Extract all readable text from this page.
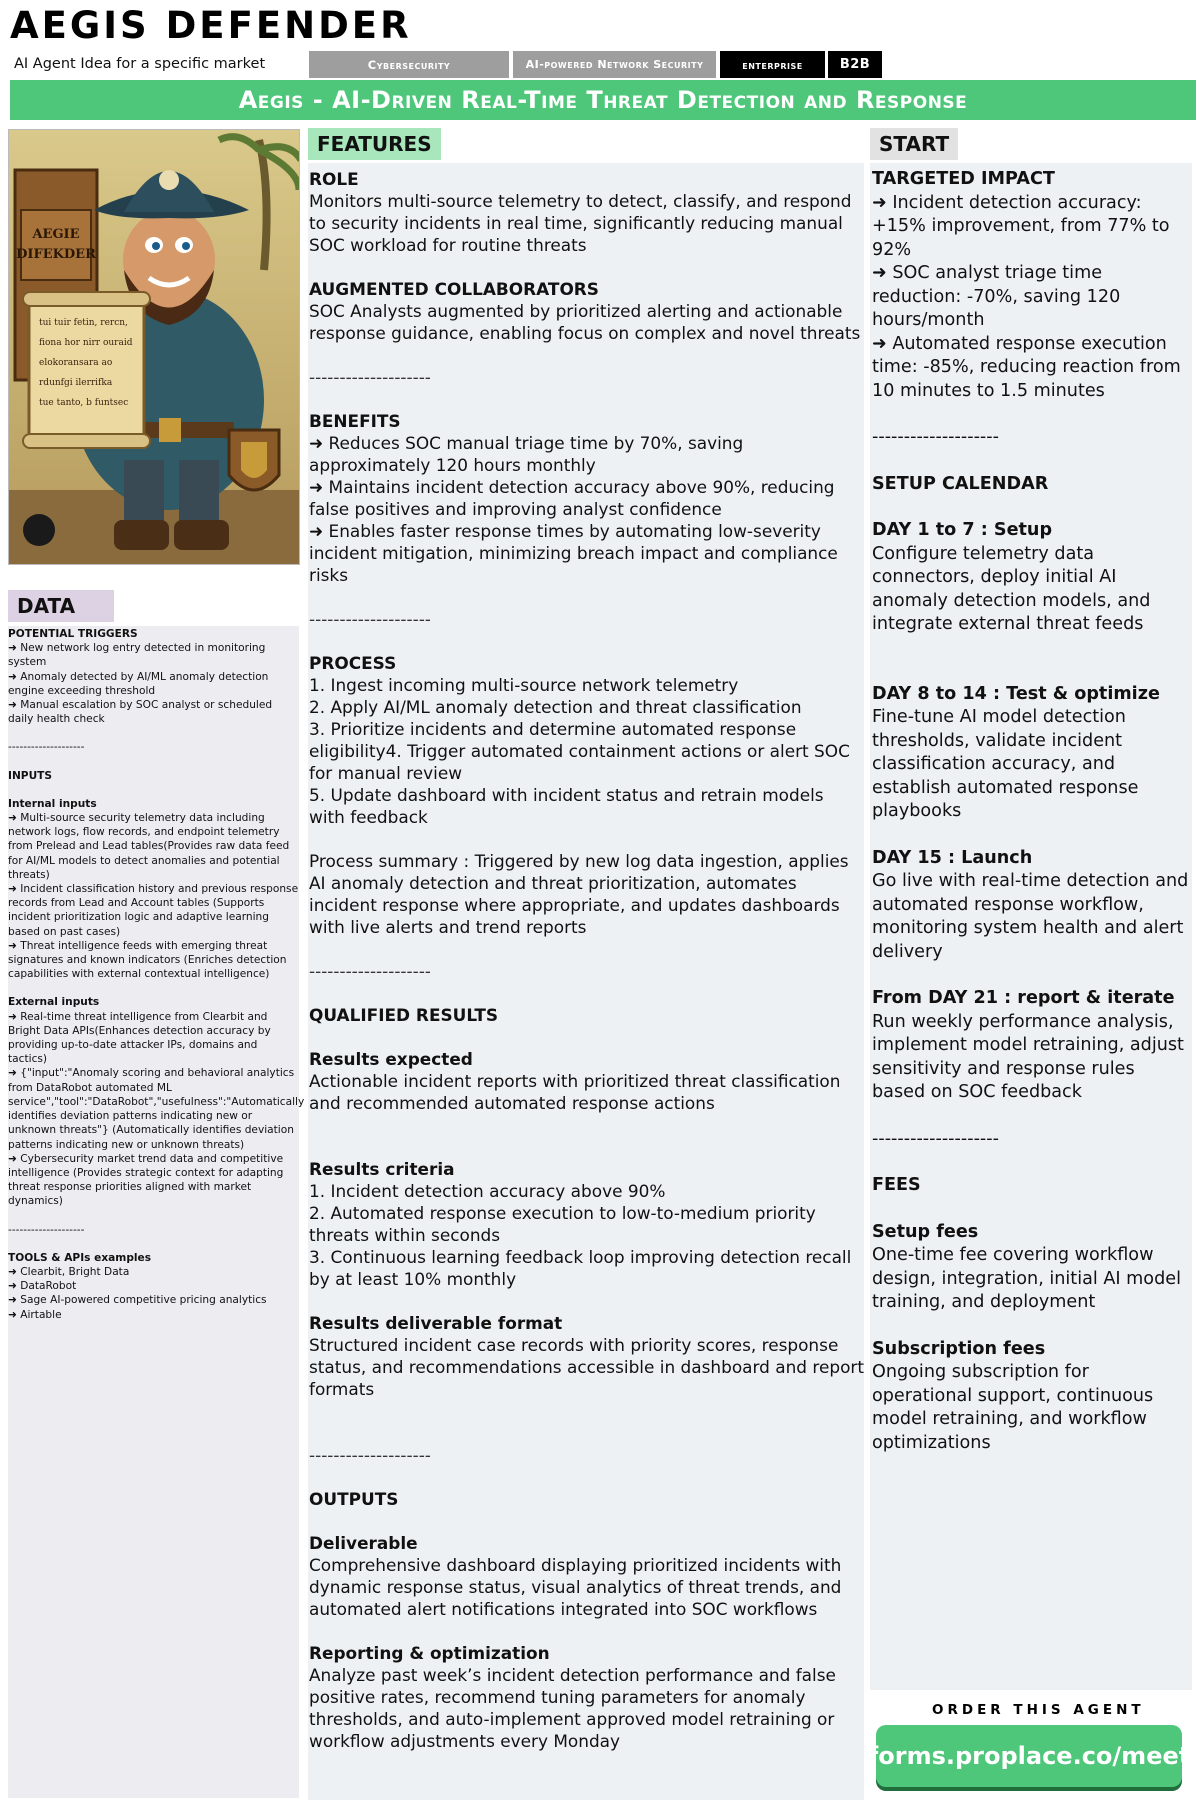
AEGIS DEFENDER
AI Agent Idea for a specific market	Cybersecurity	AI-powered Network Security	enterprise	B2B
Aegis - AI-Driven Real-Time Threat Detection and Response
AEGIE
DIFEKDER
tui tuir fetin, rercn,
fiona hor nirr ouraid
elokoransara ao
rdunfgi ilerrifka
tue tanto, b funtsec
DATA
FEATURES	START

POTENTIAL TRIGGERS

➜ New network log entry detected in monitoring system

➜ Anomaly detected by AI/ML anomaly detection engine exceeding threshold

➜ Manual escalation by SOC analyst or scheduled daily health check

--------------------

INPUTS

Internal inputs

➜ Multi-source security telemetry data including network logs, flow records, and endpoint telemetry from Prelead and Lead tables(Provides raw data feed for AI/ML models to detect anomalies and potential threats)

➜ Incident classification history and previous response records from Lead and Account tables (Supports incident prioritization logic and adaptive learning based on past cases)

➜ Threat intelligence feeds with emerging threat signatures and known indicators (Enriches detection capabilities with external contextual intelligence)

External inputs

➜ Real-time threat intelligence from Clearbit and Bright Data APIs(Enhances detection accuracy by providing up-to-date attacker IPs, domains and tactics)

➜ {"input":"Anomaly scoring and behavioral analytics from DataRobot automated ML service","tool":"DataRobot","usefulness":"Automatically identifies deviation patterns indicating new or unknown threats"} (Automatically identifies deviation patterns indicating new or unknown threats)

➜ Cybersecurity market trend data and competitive intelligence (Provides strategic context for adapting threat response priorities aligned with market dynamics)

--------------------

TOOLS & APIs examples

➜ Clearbit, Bright Data

➜ DataRobot

➜ Sage AI-powered competitive pricing analytics

➜ Airtable

ROLE

Monitors multi-source telemetry to detect, classify, and respond to security incidents in real time, significantly reducing manual SOC workload for routine threats

AUGMENTED COLLABORATORS

SOC Analysts augmented by prioritized alerting and actionable response guidance, enabling focus on complex and novel threats

--------------------

BENEFITS

➜ Reduces SOC manual triage time by 70%, saving approximately 120 hours monthly

➜ Maintains incident detection accuracy above 90%, reducing false positives and improving analyst confidence

➜ Enables faster response times by automating low-severity incident mitigation, minimizing breach impact and compliance risks

--------------------

PROCESS

1. Ingest incoming multi-source network telemetry

2. Apply AI/ML anomaly detection and threat classification

3. Prioritize incidents and determine automated response eligibility4. Trigger automated containment actions or alert SOC for manual review

5. Update dashboard with incident status and retrain models with feedback

Process summary : Triggered by new log data ingestion, applies AI anomaly detection and threat prioritization, automates incident response where appropriate, and updates dashboards with live alerts and trend reports

--------------------

QUALIFIED RESULTS

Results expected

Actionable incident reports with prioritized threat classification and recommended automated response actions

Results criteria

1. Incident detection accuracy above 90%

2. Automated response execution to low-to-medium priority threats within seconds

3. Continuous learning feedback loop improving detection recall by at least 10% monthly

Results deliverable format

Structured incident case records with priority scores, response status, and recommendations accessible in dashboard and report formats

--------------------

OUTPUTS

Deliverable

Comprehensive dashboard displaying prioritized incidents with dynamic response status, visual analytics of threat trends, and automated alert notifications integrated into SOC workflows

Reporting & optimization

Analyze past week’s incident detection performance and false positive rates, recommend tuning parameters for anomaly thresholds, and auto-implement approved model retraining or workflow adjustments every Monday

TARGETED IMPACT

➜ Incident detection accuracy: +15% improvement, from 77% to 92%

➜ SOC analyst triage time reduction: -70%, saving 120 hours/month

➜ Automated response execution time: -85%, reducing reaction from 10 minutes to 1.5 minutes

--------------------

SETUP CALENDAR

DAY 1 to 7 : Setup

Configure telemetry data connectors, deploy initial AI anomaly detection models, and integrate external threat feeds

DAY 8 to 14 : Test & optimize

Fine-tune AI model detection thresholds, validate incident classification accuracy, and establish automated response playbooks

DAY 15 : Launch

Go live with real-time detection and automated response workflow, monitoring system health and alert delivery

From DAY 21 : report & iterate

Run weekly performance analysis, implement model retraining, adjust sensitivity and response rules based on SOC feedback

--------------------

FEES

Setup fees

One-time fee covering workflow design, integration, initial AI model training, and deployment

Subscription fees

Ongoing subscription for operational support, continuous model retraining, and workflow optimizations

ORDER THIS AGENT
forms.proplace.co/meet
